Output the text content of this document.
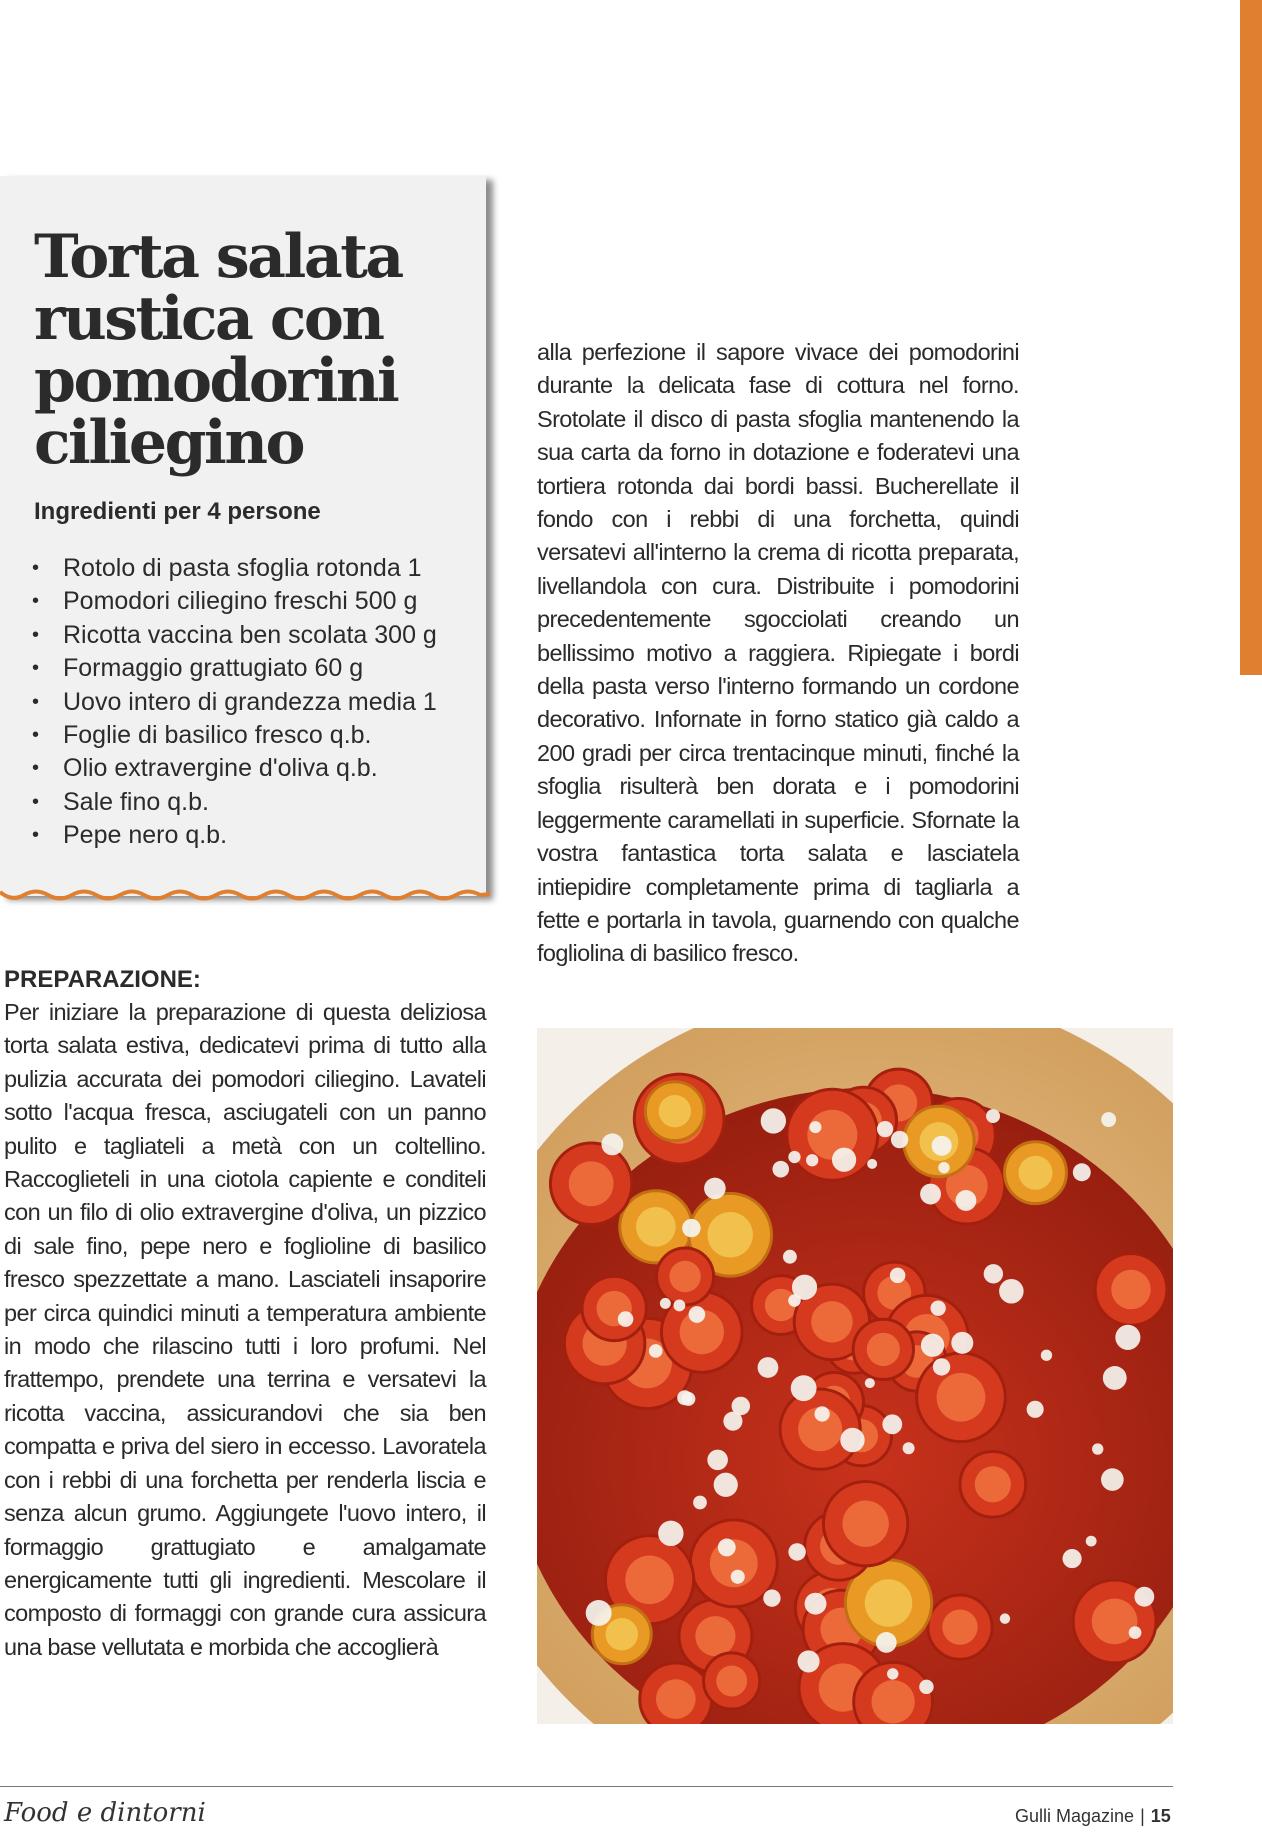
Torta salata rustica con pomodorini ciliegino
Ingredienti per 4 persone
• Rotolo di pasta sfoglia rotonda 1
• Pomodori ciliegino freschi 500 g
• Ricotta vaccina ben scolata 300 g
• Formaggio grattugiato 60 g
• Uovo intero di grandezza media 1
• Foglie di basilico fresco q.b.
• Olio extravergine d'oliva q.b.
• Sale fino q.b.
• Pepe nero q.b.
PREPARAZIONE:

Per iniziare la preparazione di questa deliziosa torta salata estiva, dedicatevi prima di tutto alla pulizia accurata dei pomodori ciliegino. Lavateli sotto l'acqua fresca, asciugateli con un panno pulito e tagliateli a metà con un coltellino. Raccoglieteli in una ciotola capiente e conditeli con un filo di olio extravergine d'oliva, un pizzico di sale fino, pepe nero e foglioline di basilico fresco spezzettate a mano. Lasciateli insaporire per circa quindici minuti a temperatura ambiente in modo che rilascino tutti i loro profumi. Nel frattempo, prendete una terrina e versatevi la ricotta vaccina, assicurandovi che sia ben compatta e priva del siero in eccesso. Lavoratela con i rebbi di una forchetta per renderla liscia e senza alcun grumo. Aggiungete l'uovo intero, il formaggio grattugiato e amalgamate energicamente tutti gli ingredienti. Mescolare il composto di formaggi con grande cura assicura una base vellutata e morbida che accoglierà

alla perfezione il sapore vivace dei pomodorini durante la delicata fase di cottura nel forno. Srotolate il disco di pasta sfoglia mantenendo la sua carta da forno in dotazione e foderatevi una tortiera rotonda dai bordi bassi. Bucherellate il fondo con i rebbi di una forchetta, quindi versatevi all'interno la crema di ricotta preparata, livellandola con cura. Distribuite i pomodorini precedentemente sgocciolati creando un bellissimo motivo a raggiera. Ripiegate i bordi della pasta verso l'interno formando un cordone decorativo. Infornate in forno statico già caldo a 200 gradi per circa trentacinque minuti, finché la sfoglia risulterà ben dorata e i pomodorini leggermente caramellati in superficie. Sfornate la vostra fantastica torta salata e lasciatela intiepidire completamente prima di tagliarla a fette e portarla in tavola, guarnendo con qualche fogliolina di basilico fresco.

Food e dintorni	Gulli Magazine | 15
